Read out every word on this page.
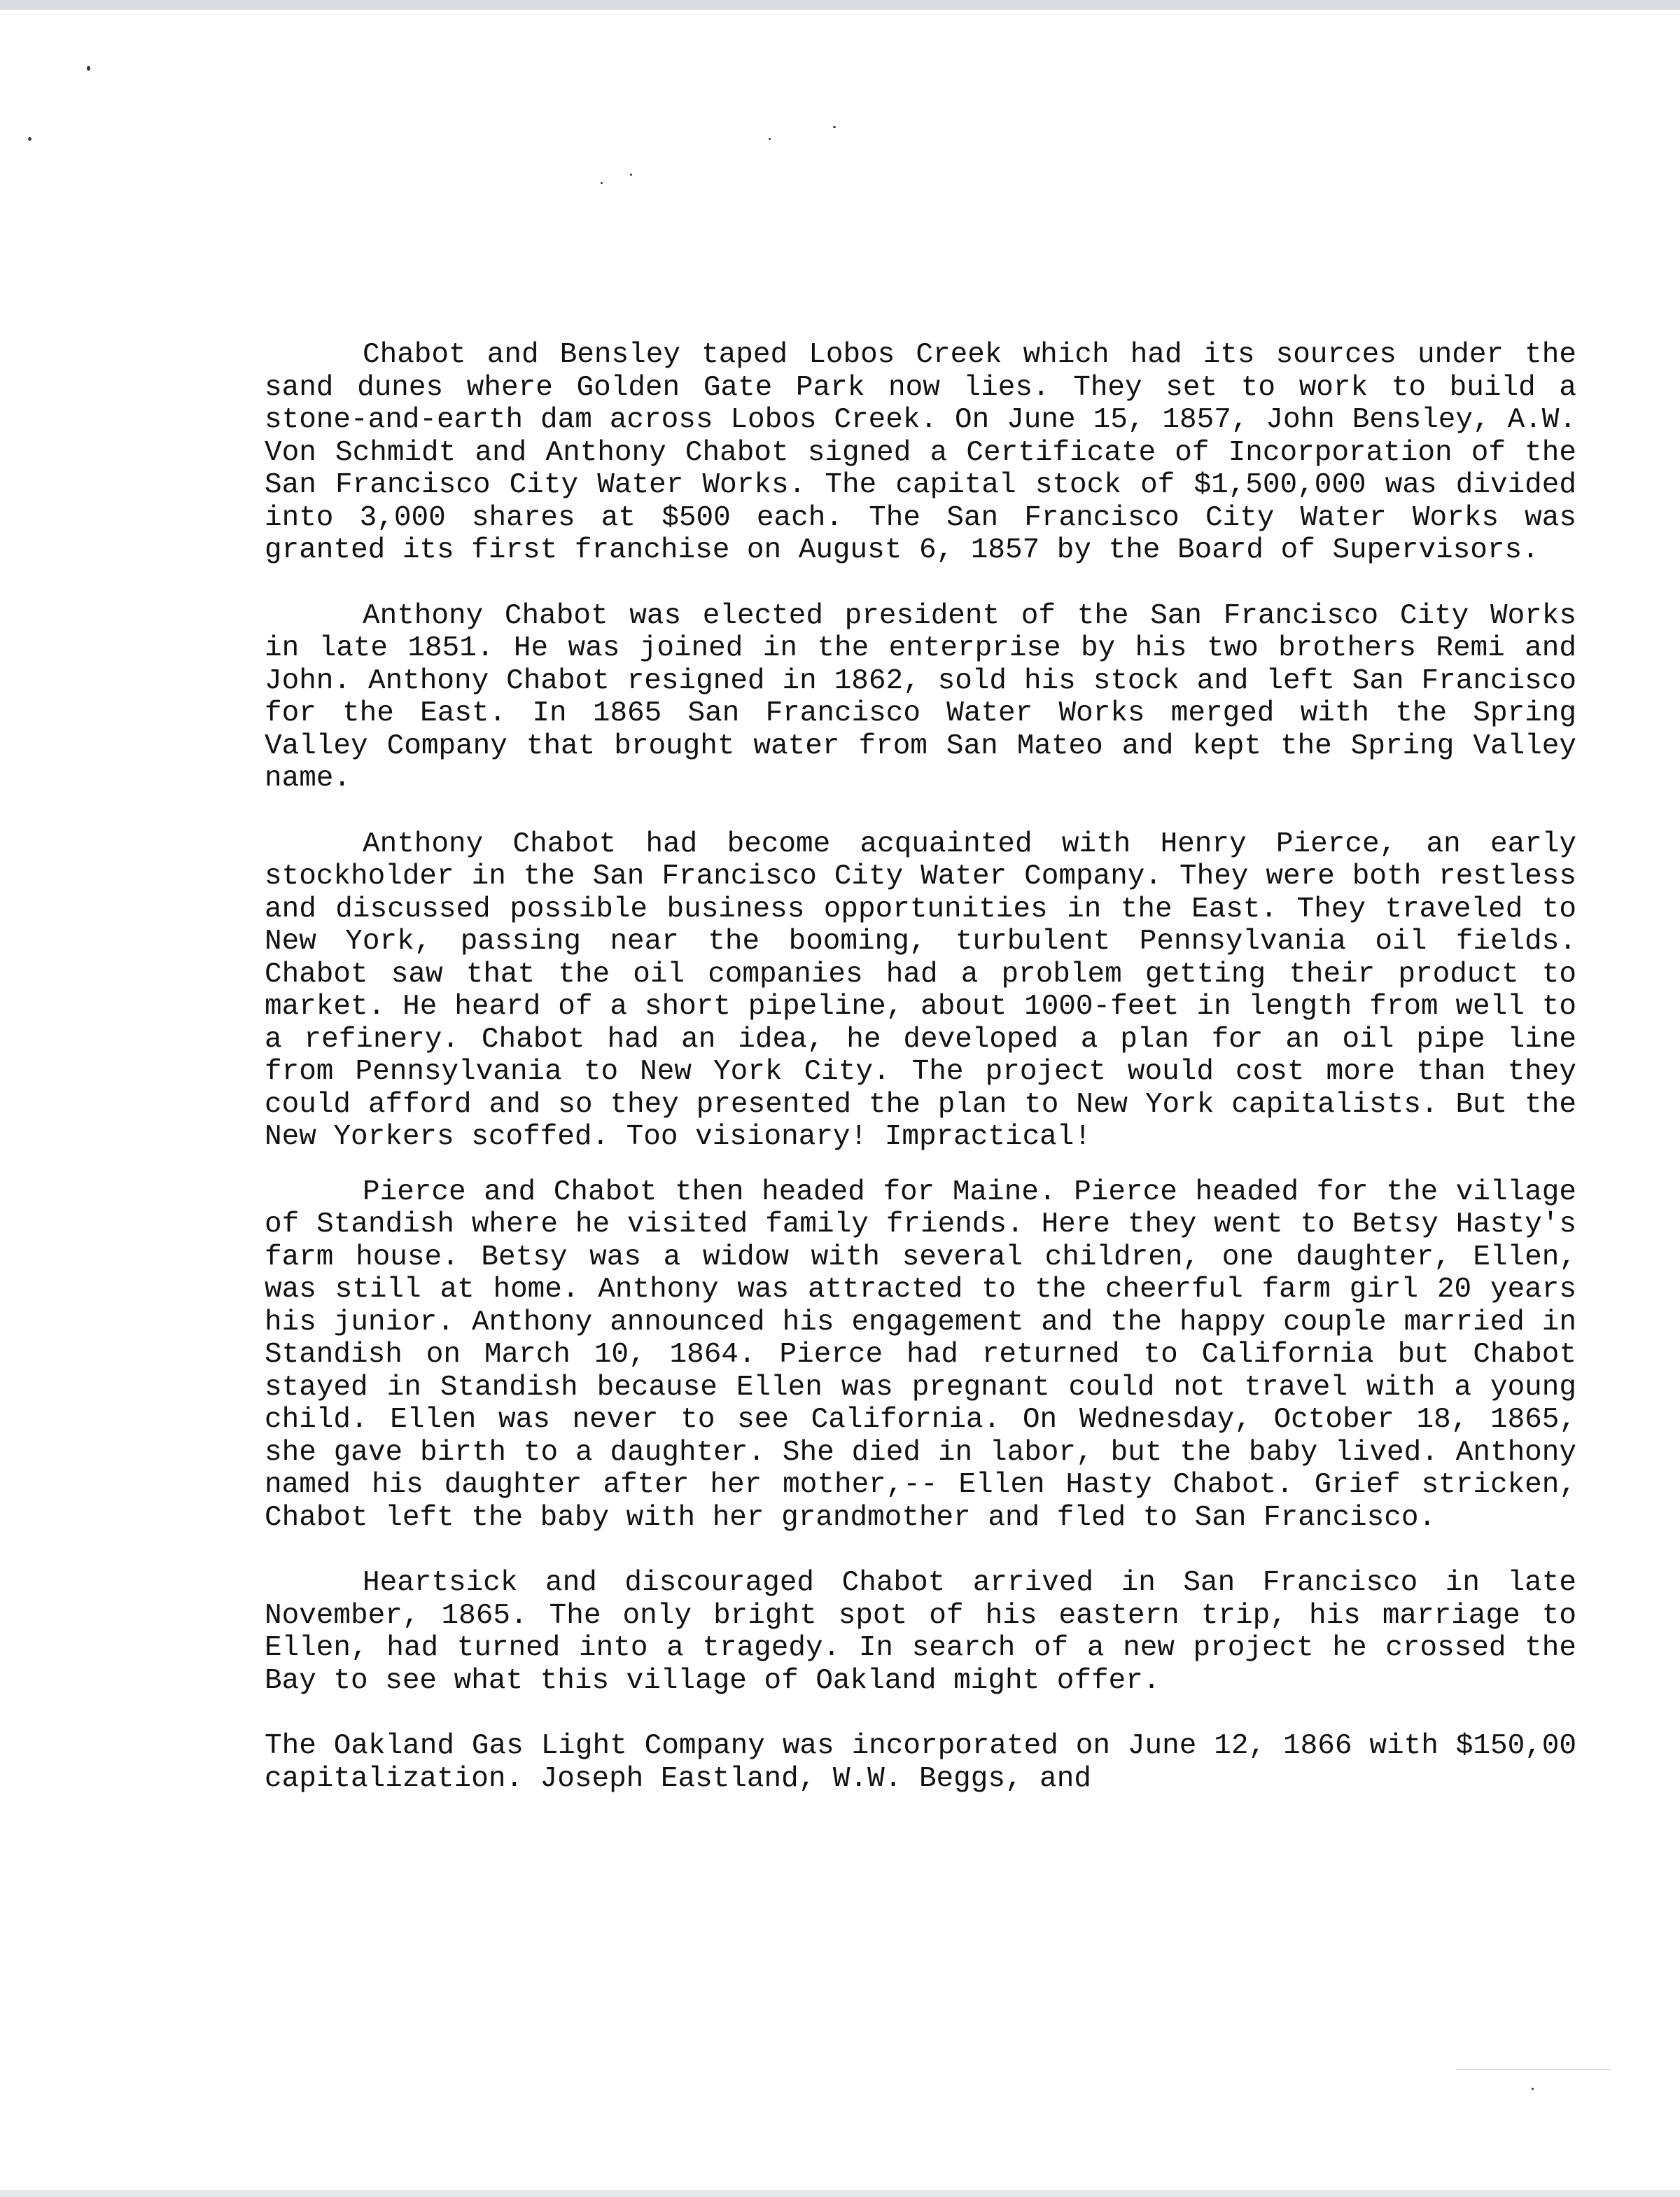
Chabot and Bensley taped Lobos Creek which had its sources under the sand dunes where Golden Gate Park now lies. They set to work to build a stone-and-earth dam across Lobos Creek. On June 15, 1857, John Bensley, A.W. Von Schmidt and Anthony Chabot signed a Certificate of Incorporation of the San Francisco City Water Works. The capital stock of $1,500,000 was divided into 3,000 shares at $500 each. The San Francisco City Water Works was granted its first franchise on August 6, 1857 by the Board of Supervisors.

Anthony Chabot was elected president of the San Francisco City Works in late 1851. He was joined in the enterprise by his two brothers Remi and John. Anthony Chabot resigned in 1862, sold his stock and left San Francisco for the East. In 1865 San Francisco Water Works merged with the Spring Valley Company that brought water from San Mateo and kept the Spring Valley name.

Anthony Chabot had become acquainted with Henry Pierce, an early stockholder in the San Francisco City Water Company. They were both restless and discussed possible business opportunities in the East. They traveled to New York, passing near the booming, turbulent Pennsylvania oil fields. Chabot saw that the oil companies had a problem getting their product to market. He heard of a short pipeline, about 1000-feet in length from well to a refinery. Chabot had an idea, he developed a plan for an oil pipe line from Pennsylvania to New York City. The project would cost more than they could afford and so they presented the plan to New York capitalists. But the New Yorkers scoffed. Too visionary! Impractical!

Pierce and Chabot then headed for Maine. Pierce headed for the village of Standish where he visited family friends. Here they went to Betsy Hasty's farm house. Betsy was a widow with several children, one daughter, Ellen, was still at home. Anthony was attracted to the cheerful farm girl 20 years his junior. Anthony announced his engagement and the happy couple married in Standish on March 10, 1864. Pierce had returned to California but Chabot stayed in Standish because Ellen was pregnant could not travel with a young child. Ellen was never to see California. On Wednesday, October 18, 1865, she gave birth to a daughter. She died in labor, but the baby lived. Anthony named his daughter after her mother,-- Ellen Hasty Chabot. Grief stricken, Chabot left the baby with her grandmother and fled to San Francisco.

Heartsick and discouraged Chabot arrived in San Francisco in late November, 1865. The only bright spot of his eastern trip, his marriage to Ellen, had turned into a tragedy. In search of a new project he crossed the Bay to see what this village of Oakland might offer.

The Oakland Gas Light Company was incorporated on June 12, 1866 with $150,00 capitalization. Joseph Eastland, W.W. Beggs, and
